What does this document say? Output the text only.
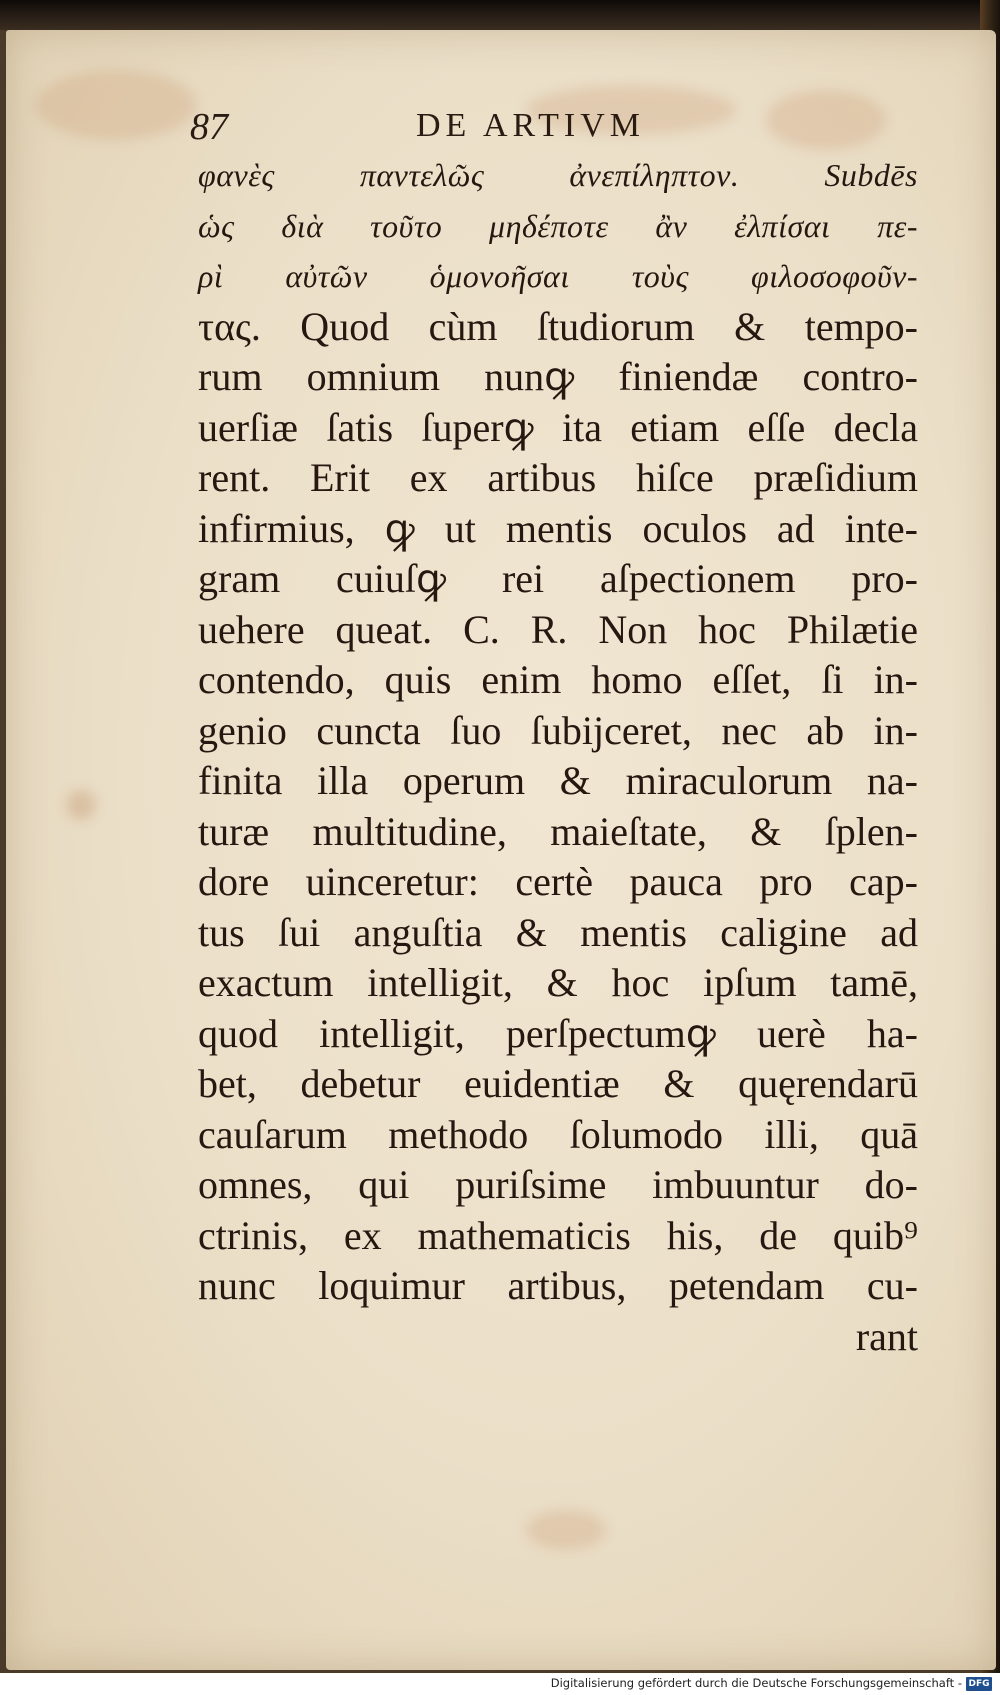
87	DE ARTIVM
φανὲς παντελῶς ἀνεπίληπτον. Subdēs
ὡς διὰ τοῦτο μηδέποτε ἂν ἐλπίσαι πε-
ρὶ αὐτῶν ὁμονοῆσαι τοὺς φιλοσοφοῦν-
τας. Quod cùm ſtudiorum & tempo-
rum omnium nunꝙ finiendæ contro-
uerſiæ ſatis ſuperꝙ ita etiam eſſe decla
rent. Erit ex artibus hiſce præſidium
infirmius, ꝙ ut mentis oculos ad inte-
gram cuiuſꝙ rei aſpectionem pro-
uehere queat. C. R. Non hoc Philætie
contendo, quis enim homo eſſet, ſi in-
genio cuncta ſuo ſubijceret, nec ab in-
finita illa operum & miraculorum na-
turæ multitudine, maieſtate, & ſplen-
dore uinceretur: certè pauca pro cap-
tus ſui anguſtia & mentis caligine ad
exactum intelligit, & hoc ipſum tamē,
quod intelligit, perſpectumꝙ uerè ha-
bet, debetur euidentiæ & quęrendarū
cauſarum methodo ſolumodo illi, quā
omnes, qui puriſsime imbuuntur do-
ctrinis, ex mathematicis his, de quib⁹
nunc loquimur artibus, petendam cu-
rant
Digitalisierung gefördert durch die Deutsche Forschungsgemeinschaft - DFG
